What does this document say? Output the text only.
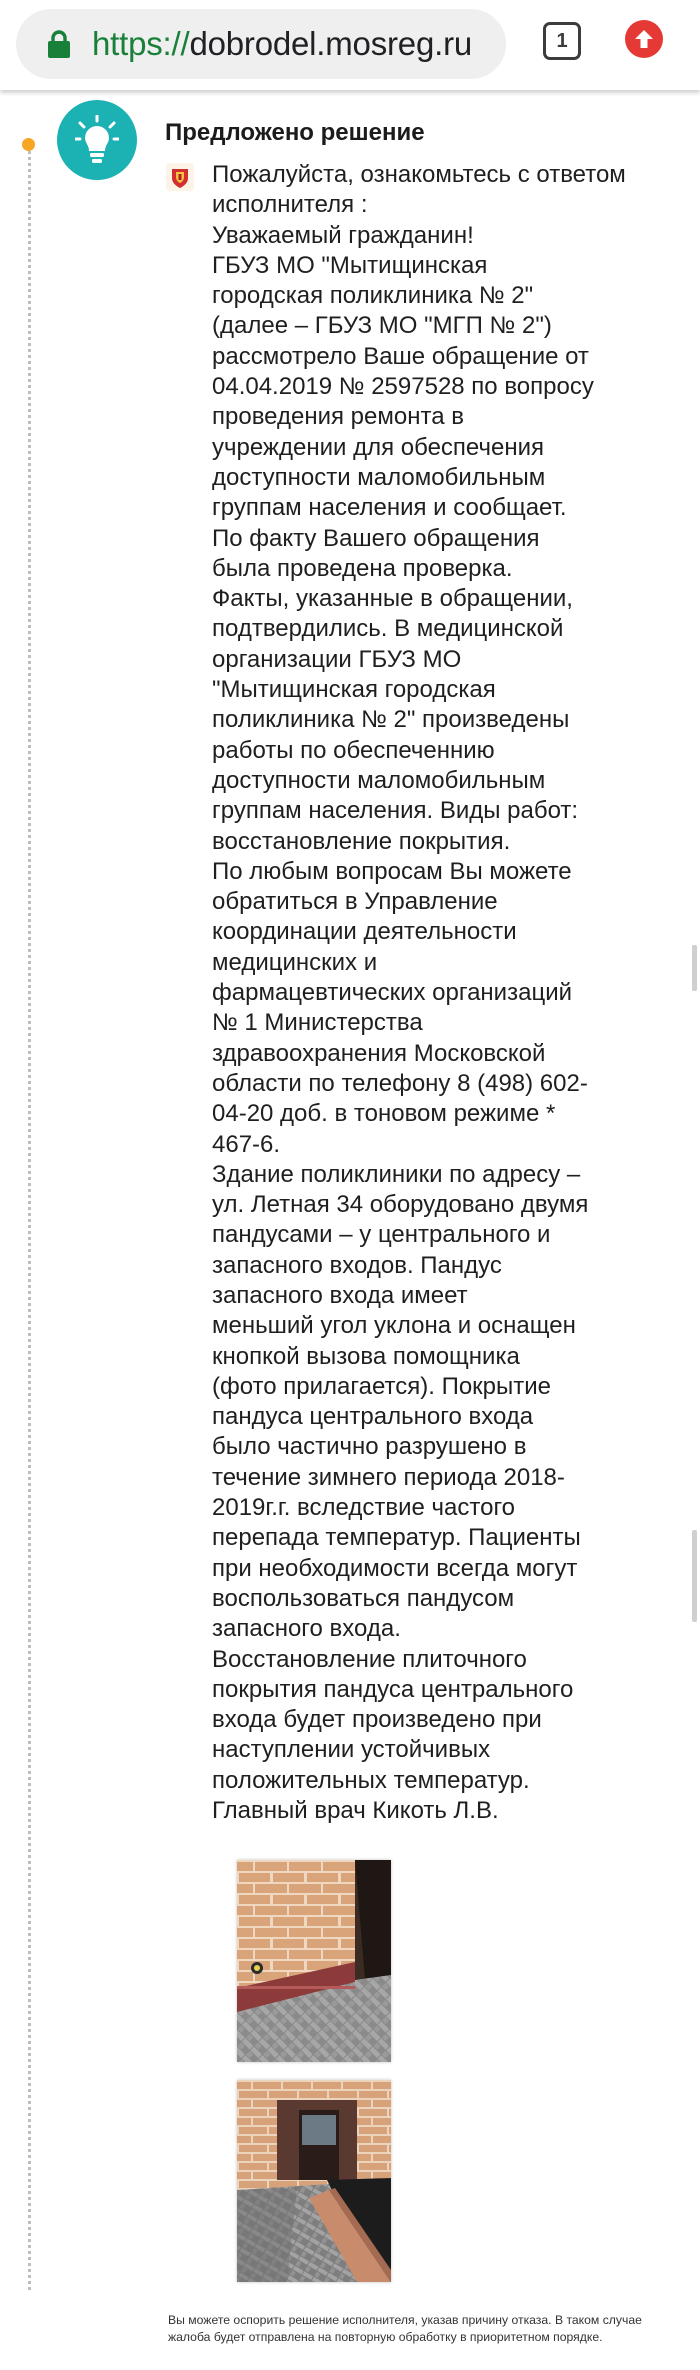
https://dobrodel.mosreg.ru	1
Предложено решение

Пожалуйста, ознакомьтесь с ответом
исполнителя :
Уважаемый гражданин!
ГБУЗ МО "Мытищинская
городская поликлиника № 2"
(далее – ГБУЗ МО "МГП № 2")
рассмотрело Ваше обращение от
04.04.2019 № 2597528 по вопросу
проведения ремонта в
учреждении для обеспечения
доступности маломобильным
группам населения и сообщает.
По факту Вашего обращения
была проведена проверка.
Факты, указанные в обращении,
подтвердились. В медицинской
организации ГБУЗ МО
"Мытищинская городская
поликлиника № 2" произведены
работы по обеспеченнию
доступности маломобильным
группам населения. Виды работ:
восстановление покрытия.
По любым вопросам Вы можете
обратиться в Управление
координации деятельности
медицинских и
фармацевтических организаций
№ 1 Министерства
здравоохранения Московской
области по телефону 8 (498) 602-
04-20 доб. в тоновом режиме *
467-6.
Здание поликлиники по адресу –
ул. Летная 34 оборудовано двумя
пандусами – у центрального и
запасного входов. Пандус
запасного входа имеет
меньший угол уклона и оснащен
кнопкой вызова помощника
(фото прилагается). Покрытие
пандуса центрального входа
было частично разрушено в
течение зимнего периода 2018-
2019г.г. вследствие частого
перепада температур. Пациенты
при необходимости всегда могут
воспользоваться пандусом
запасного входа.
Восстановление плиточного
покрытия пандуса центрального
входа будет произведено при
наступлении устойчивых
положительных температур.
Главный врач Кикоть Л.В.

Вы можете оспорить решение исполнителя, указав причину отказа. В таком случае
жалоба будет отправлена на повторную обработку в приоритетном порядке.
